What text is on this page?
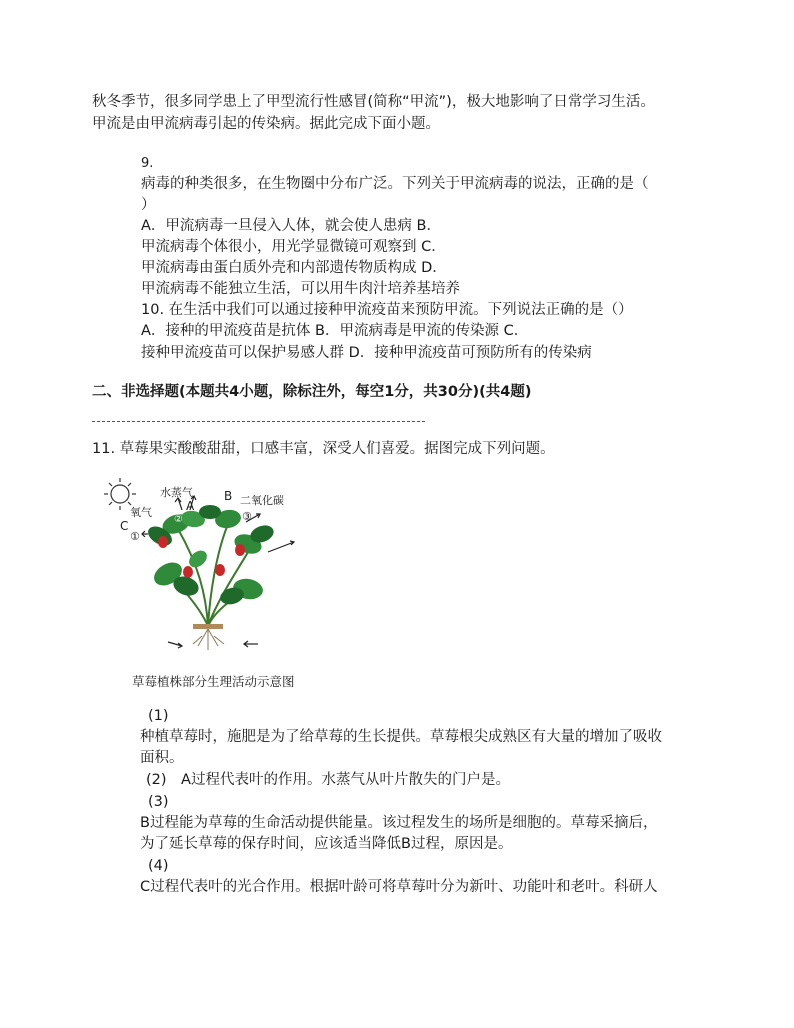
秋冬季节，很多同学患上了甲型流行性感冒(简称“甲流”)，极大地影响了日常学习生活。
甲流是由甲流病毒引起的传染病。据此完成下面小题。
9.
病毒的种类很多，在生物圈中分布广泛。下列关于甲流病毒的说法，正确的是（
）
A．甲流病毒一旦侵入人体，就会使人患病 B．
甲流病毒个体很小，用光学显微镜可观察到 C．
甲流病毒由蛋白质外壳和内部遗传物质构成 D．
甲流病毒不能独立生活，可以用牛肉汁培养基培养
10. 在生活中我们可以通过接种甲流疫苗来预防甲流。下列说法正确的是（）
A．接种的甲流疫苗是抗体 B．甲流病毒是甲流的传染源 C．
接种甲流疫苗可以保护易感人群 D．接种甲流疫苗可预防所有的传染病
二、非选择题(本题共4小题，除标注外，每空1分，共30分)(共4题)
11. 草莓果实酸酸甜甜，口感丰富，深受人们喜爱。据图完成下列问题。
水蒸气
A
B 二氧化碳
氧气
C
①
②	③
草莓植株部分生理活动示意图
(1)
种植草莓时，施肥是为了给草莓的生长提供。草莓根尖成熟区有大量的增加了吸收
面积。
(2)　A过程代表叶的作用。水蒸气从叶片散失的门户是。
(3)
B过程能为草莓的生命活动提供能量。该过程发生的场所是细胞的。草莓采摘后，
为了延长草莓的保存时间，应该适当降低B过程，原因是。
(4)
C过程代表叶的光合作用。根据叶龄可将草莓叶分为新叶、功能叶和老叶。科研人
